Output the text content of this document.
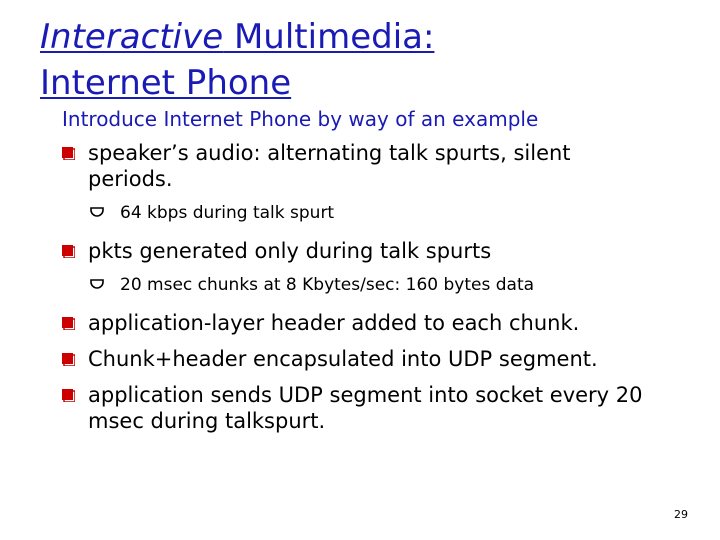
Interactive Multimedia:
Internet Phone
Introduce Internet Phone by way of an example
speaker’s audio: alternating talk spurts, silent periods.
64 kbps during talk spurt
pkts generated only during talk spurts
20 msec chunks at 8 Kbytes/sec: 160 bytes data
application-layer header added to each chunk.
Chunk+header encapsulated into UDP segment.
application sends UDP segment into socket every 20 msec during talkspurt.
29
